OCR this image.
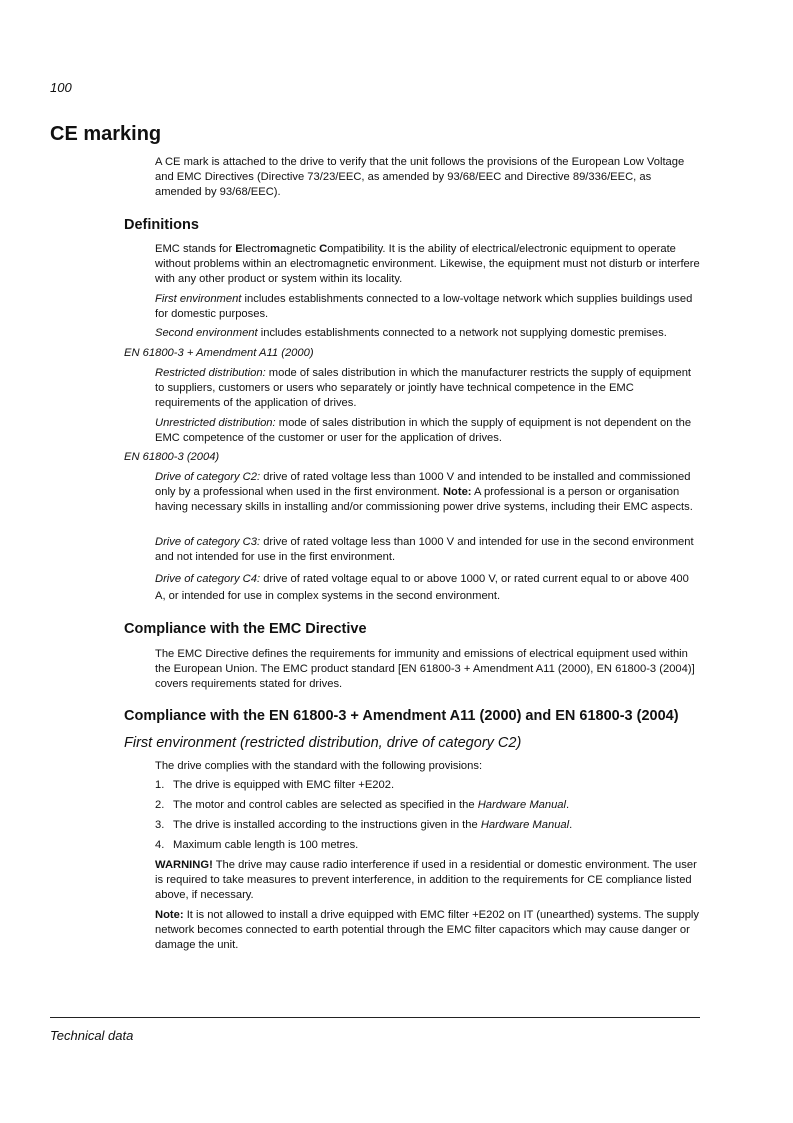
100
CE marking

A CE mark is attached to the drive to verify that the unit follows the provisions of the European Low Voltage and EMC Directives (Directive 73/23/EEC, as amended by 93/68/EEC and Directive 89/336/EEC, as amended by 93/68/EEC).

Definitions

EMC stands for Electromagnetic Compatibility. It is the ability of electrical/electronic equipment to operate without problems within an electromagnetic environment. Likewise, the equipment must not disturb or interfere with any other product or system within its locality.

First environment includes establishments connected to a low-voltage network which supplies buildings used for domestic purposes.

Second environment includes establishments connected to a network not supplying domestic premises.

EN 61800-3 + Amendment A11 (2000)

Restricted distribution: mode of sales distribution in which the manufacturer restricts the supply of equipment to suppliers, customers or users who separately or jointly have technical competence in the EMC requirements of the application of drives.

Unrestricted distribution: mode of sales distribution in which the supply of equipment is not dependent on the EMC competence of the customer or user for the application of drives.

EN 61800-3 (2004)

Drive of category C2: drive of rated voltage less than 1000 V and intended to be installed and commissioned only by a professional when used in the first environment. Note: A professional is a person or organisation having necessary skills in installing and/or commissioning power drive systems, including their EMC aspects.

Drive of category C3: drive of rated voltage less than 1000 V and intended for use in the second environment and not intended for use in the first environment.

Drive of category C4: drive of rated voltage equal to or above 1000 V, or rated current equal to or above 400 A, or intended for use in complex systems in the second environment.

Compliance with the EMC Directive

The EMC Directive defines the requirements for immunity and emissions of electrical equipment used within the European Union. The EMC product standard [EN 61800-3 + Amendment A11 (2000), EN 61800-3 (2004)] covers requirements stated for drives.

Compliance with the EN 61800-3 + Amendment A11 (2000) and EN 61800-3 (2004)
First environment (restricted distribution, drive of category C2)

The drive complies with the standard with the following provisions:

1. The drive is equipped with EMC filter +E202.
2. The motor and control cables are selected as specified in the Hardware Manual.
3. The drive is installed according to the instructions given in the Hardware Manual.
4. Maximum cable length is 100 metres.

WARNING! The drive may cause radio interference if used in a residential or domestic environment. The user is required to take measures to prevent interference, in addition to the requirements for CE compliance listed above, if necessary.

Note: It is not allowed to install a drive equipped with EMC filter +E202 on IT (unearthed) systems. The supply network becomes connected to earth potential through the EMC filter capacitors which may cause danger or damage the unit.

Technical data
